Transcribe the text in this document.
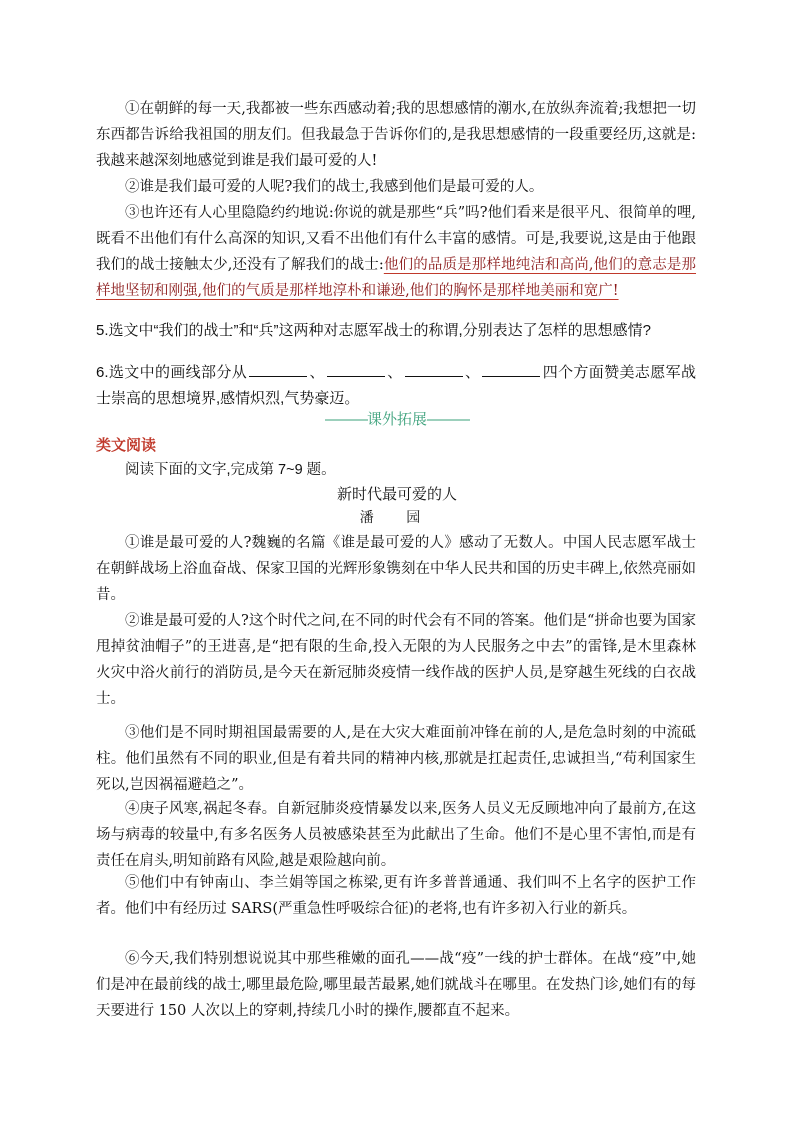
①在朝鲜的每一天,我都被一些东西感动着;我的思想感情的潮水,在放纵奔流着;我想把一切东西都告诉给我祖国的朋友们。但我最急于告诉你们的,是我思想感情的一段重要经历,这就是:我越来越深刻地感觉到谁是我们最可爱的人!

②谁是我们最可爱的人呢?我们的战士,我感到他们是最可爱的人。

③也许还有人心里隐隐约约地说:你说的就是那些“兵”吗?他们看来是很平凡、很简单的哩,既看不出他们有什么高深的知识,又看不出他们有什么丰富的感情。可是,我要说,这是由于他跟我们的战士接触太少,还没有了解我们的战士:他们的品质是那样地纯洁和高尚,他们的意志是那样地坚韧和刚强,他们的气质是那样地淳朴和谦逊,他们的胸怀是那样地美丽和宽广!

5.选文中“我们的战士”和“兵”这两种对志愿军战士的称谓,分别表达了怎样的思想感情?

6.选文中的画线部分从	、	、	、	四个方面赞美志愿军战士崇高的思想境界,感情炽烈,气势豪迈。

———课外拓展———
类文阅读
阅读下面的文字,完成第 7~9 题。
新时代最可爱的人
潘 园

①谁是最可爱的人?魏巍的名篇《谁是最可爱的人》感动了无数人。中国人民志愿军战士在朝鲜战场上浴血奋战、保家卫国的光辉形象镌刻在中华人民共和国的历史丰碑上,依然亮丽如昔。

②谁是最可爱的人?这个时代之问,在不同的时代会有不同的答案。他们是“拼命也要为国家甩掉贫油帽子”的王进喜,是“把有限的生命,投入无限的为人民服务之中去”的雷锋,是木里森林火灾中浴火前行的消防员,是今天在新冠肺炎疫情一线作战的医护人员,是穿越生死线的白衣战士。

③他们是不同时期祖国最需要的人,是在大灾大难面前冲锋在前的人,是危急时刻的中流砥柱。他们虽然有不同的职业,但是有着共同的精神内核,那就是扛起责任,忠诚担当,“苟利国家生死以,岂因祸福避趋之”。

④庚子风寒,祸起冬春。自新冠肺炎疫情暴发以来,医务人员义无反顾地冲向了最前方,在这场与病毒的较量中,有多名医务人员被感染甚至为此献出了生命。他们不是心里不害怕,而是有责任在肩头,明知前路有风险,越是艰险越向前。

⑤他们中有钟南山、李兰娟等国之栋梁,更有许多普普通通、我们叫不上名字的医护工作者。他们中有经历过 SARS(严重急性呼吸综合征)的老将,也有许多初入行业的新兵。

⑥今天,我们特别想说说其中那些稚嫩的面孔——战“疫”一线的护士群体。在战“疫”中,她们是冲在最前线的战士,哪里最危险,哪里最苦最累,她们就战斗在哪里。在发热门诊,她们有的每天要进行 150 人次以上的穿刺,持续几小时的操作,腰都直不起来。
